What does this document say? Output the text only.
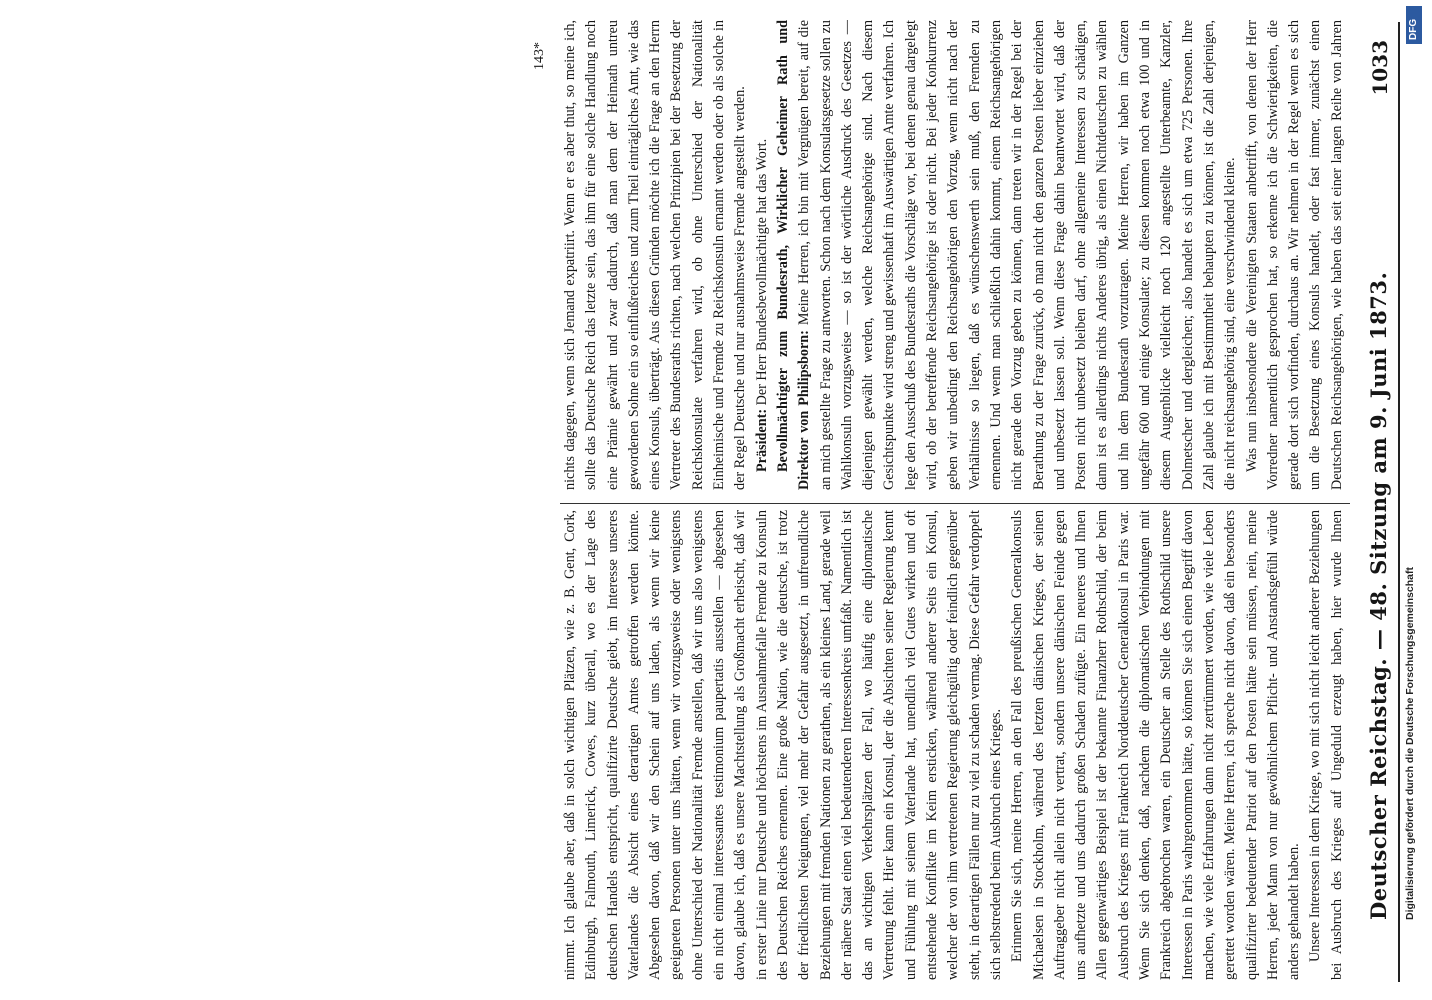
Deutscher Reichstag. — 48. Sitzung am 9. Juni 1873.
1033

nimmt. Ich glaube aber, daß in solch wichtigen Plätzen, wie z. B. Gent, Cork, Edinburgh, Falmouth, Limerick, Cowes, kurz überall, wo es der Lage des deutschen Handels entspricht, qualifizirte Deutsche giebt, im Interesse unseres Vaterlandes die Absicht eines derartigen Amtes getroffen werden könnte. Abgesehen davon, daß wir den Schein auf uns laden, als wenn wir keine geeigneten Personen unter uns hätten, wenn wir vorzugsweise oder wenigstens ohne Unterschied der Nationalität Fremde anstellen, daß wir uns also wenigstens ein nicht einmal interessantes testimonium paupertatis ausstellen — abgesehen davon, glaube ich, daß es unsere Machtstellung als Großmacht erheischt, daß wir in erster Linie nur Deutsche und höchstens im Ausnahmefalle Fremde zu Konsuln des Deutschen Reiches ernennen. Eine große Nation, wie die deutsche, ist trotz der friedlichsten Neigungen, viel mehr der Gefahr ausgesetzt, in unfreundliche Beziehungen mit fremden Nationen zu gerathen, als ein kleines Land, gerade weil der nähere Staat einen viel bedeutenderen Interessenkreis umfaßt. Namentlich ist das an wichtigen Verkehrsplätzen der Fall, wo häufig eine diplomatische Vertretung fehlt. Hier kann ein Konsul, der die Absichten seiner Regierung kennt und Fühlung mit seinem Vaterlande hat, unendlich viel Gutes wirken und oft entstehende Konflikte im Keim ersticken, während anderer Seits ein Konsul, welcher der von ihm vertretenen Regierung gleichgültig oder feindlich gegenüber steht, in derartigen Fällen nur zu viel zu schaden vermag. Diese Gefahr verdoppelt sich selbstredend beim Ausbruch eines Krieges. Erinnern Sie sich, meine Herren, an den Fall des preußischen Generalkonsuls Michaelsen in Stockholm, während des letzten dänischen Krieges, der seinen Auftraggeber nicht allein nicht vertrat, sondern unsere dänischen Feinde gegen uns aufhetzte und uns dadurch großen Schaden zufügte. Ein neueres und Ihnen Allen gegenwärtiges Beispiel ist der bekannte Finanzherr Rothschild, der beim Ausbruch des Krieges mit Frankreich Norddeutscher Generalkonsul in Paris war. Wenn Sie sich denken, daß, nachdem die diplomatischen Verbindungen mit Frankreich abgebrochen waren, ein Deutscher an Stelle des Rothschild unsere Interessen in Paris wahrgenommen hätte, so können Sie sich einen Begriff davon machen, wie viele Erfahrungen dann nicht zertrümmert worden, wie viele Leben gerettet worden wären. Meine Herren, ich spreche nicht davon, daß ein besonders qualifizirter bedeutender Patriot auf den Posten hätte sein müssen, nein, meine Herren, jeder Mann von nur gewöhnlichem Pflicht- und Anstandsgefühl würde anders gehandelt haben. Unsere Interessen in dem Kriege, wo mit sich nicht leicht anderer Beziehungen bei Ausbruch des Krieges auf Ungeduld erzeugt haben, hier wurde Ihnen

nichts dagegen, wenn sich Jemand expatriirt. Wenn er es aber thut, so meine ich, sollte das Deutsche Reich das letzte sein, das ihm für eine solche Handlung noch eine Prämie gewährt und zwar dadurch, daß man dem der Heimath untreu gewordenen Sohne ein so einflußreiches und zum Theil einträgliches Amt, wie das eines Konsuls, überträgt. Aus diesen Gründen möchte ich die Frage an den Herrn Vertreter des Bundesraths richten, nach welchen Prinzipien bei der Besetzung der Reichskonsulate verfahren wird, ob ohne Unterschied der Nationalität Einheimische und Fremde zu Reichskonsuln ernannt werden oder ob als solche in der Regel Deutsche und nur ausnahmsweise Fremde angestellt werden. Präsident: Der Herr Bundesbevollmächtigte hat das Wort. Bevollmächtigter zum Bundesrath, Wirklicher Geheimer Rath und Direktor von Philipsborn: Meine Herren, ich bin mit Vergnügen bereit, auf die an mich gestellte Frage zu antworten. Schon nach dem Konsulatsgesetze sollen zu Wahlkonsuln vorzugsweise — so ist der wörtliche Ausdruck des Gesetzes — diejenigen gewählt werden, welche Reichsangehörige sind. Nach diesem Gesichtspunkte wird streng und gewissenhaft im Auswärtigen Amte verfahren. Ich lege den Ausschuß des Bundesraths die Vorschläge vor, bei denen genau dargelegt wird, ob der betreffende Reichsangehörige ist oder nicht. Bei jeder Konkurrenz geben wir unbedingt den Reichsangehörigen den Vorzug, wenn nicht nach der Verhältnisse so liegen, daß es wünschenswerth sein muß, den Fremden zu ernennen. Und wenn man schließlich dahin kommt, einem Reichsangehörigen nicht gerade den Vorzug geben zu können, dann treten wir in der Regel bei der Berathung zu der Frage zurück, ob man nicht den ganzen Posten lieber einziehen und unbesetzt lassen soll. Wenn diese Frage dahin beantwortet wird, daß der Posten nicht unbesetzt bleiben darf, ohne allgemeine Interessen zu schädigen, dann ist es allerdings nichts Anderes übrig, als einen Nichtdeutschen zu wählen und ihn dem Bundesrath vorzutragen. Meine Herren, wir haben im Ganzen ungefähr 600 und einige Konsulate; zu diesen kommen noch etwa 100 und in diesem Augenblicke vielleicht noch 120 angestellte Unterbeamte, Kanzler, Dolmetscher und dergleichen; also handelt es sich um etwa 725 Personen. Ihre Zahl glaube ich mit Bestimmtheit behaupten zu können, ist die Zahl derjenigen, die nicht reichsangehörig sind, eine verschwindend kleine. Was nun insbesondere die Vereinigten Staaten anbetrifft, von denen der Herr Vorredner namentlich gesprochen hat, so erkenne ich die Schwierigkeiten, die gerade dort sich vorfinden, durchaus an. Wir nehmen in der Regel wenn es sich um die Besetzung eines Konsuls handelt, oder fast immer, zunächst einen Deutschen Reichsangehörigen, wie haben das seit einer langen Reihe von Jahren

143*
DFG
Digitalisierung gefördert durch die Deutsche Forschungsgemeinschaft
